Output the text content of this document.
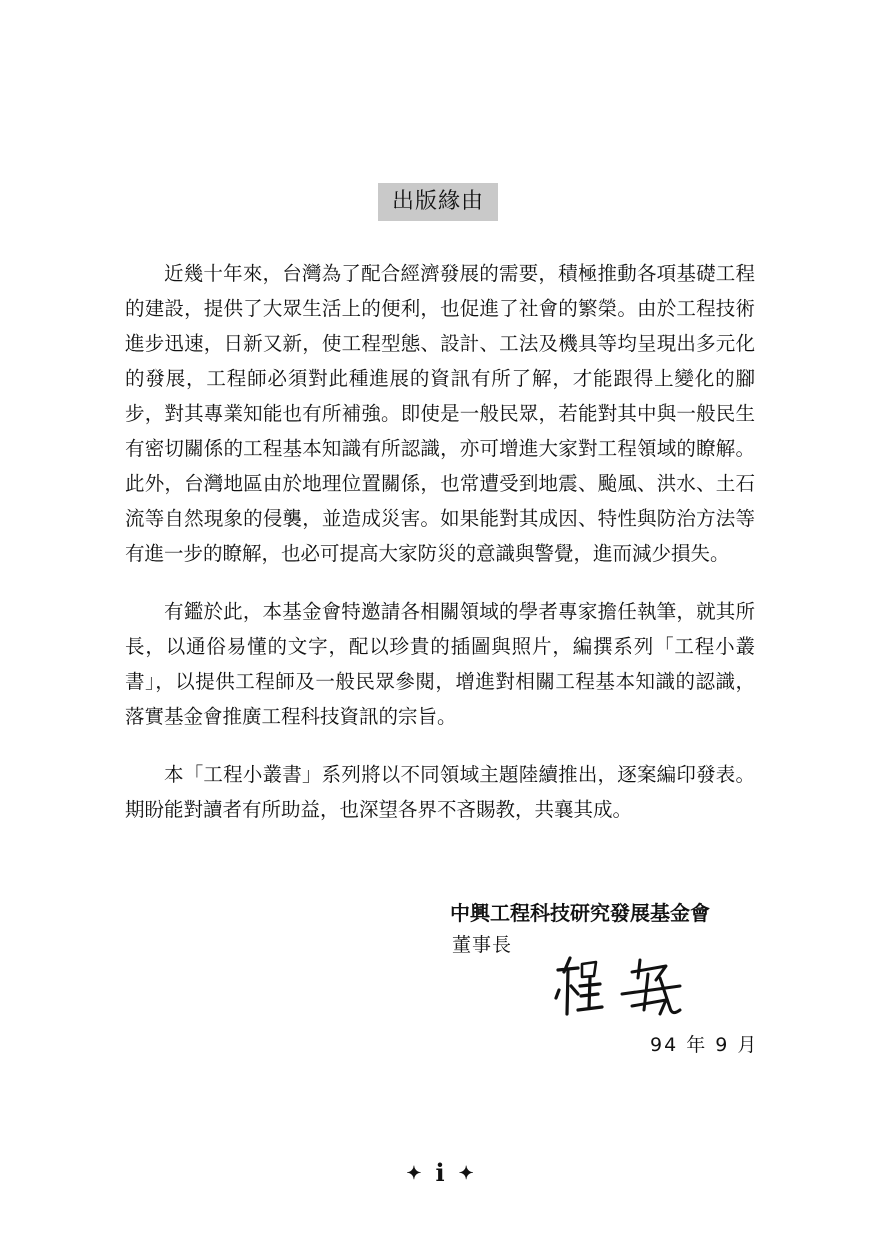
出版緣由

近幾十年來，台灣為了配合經濟發展的需要，積極推動各項基礎工程的建設，提供了大眾生活上的便利，也促進了社會的繁榮。由於工程技術進步迅速，日新又新，使工程型態、設計、工法及機具等均呈現出多元化的發展，工程師必須對此種進展的資訊有所了解，才能跟得上變化的腳步，對其專業知能也有所補強。即使是一般民眾，若能對其中與一般民生有密切關係的工程基本知識有所認識，亦可增進大家對工程領域的瞭解。此外，台灣地區由於地理位置關係，也常遭受到地震、颱風、洪水、土石流等自然現象的侵襲，並造成災害。如果能對其成因、特性與防治方法等有進一步的瞭解，也必可提高大家防災的意識與警覺，進而減少損失。

有鑑於此，本基金會特邀請各相關領域的學者專家擔任執筆，就其所長，以通俗易懂的文字，配以珍貴的插圖與照片，編撰系列「工程小叢書」，以提供工程師及一般民眾參閱，增進對相關工程基本知識的認識，落實基金會推廣工程科技資訊的宗旨。

本「工程小叢書」系列將以不同領域主題陸續推出，逐案編印發表。期盼能對讀者有所助益，也深望各界不吝賜教，共襄其成。

中興工程科技研究發展基金會
董事長
94 年 9 月
✦ i ✦
